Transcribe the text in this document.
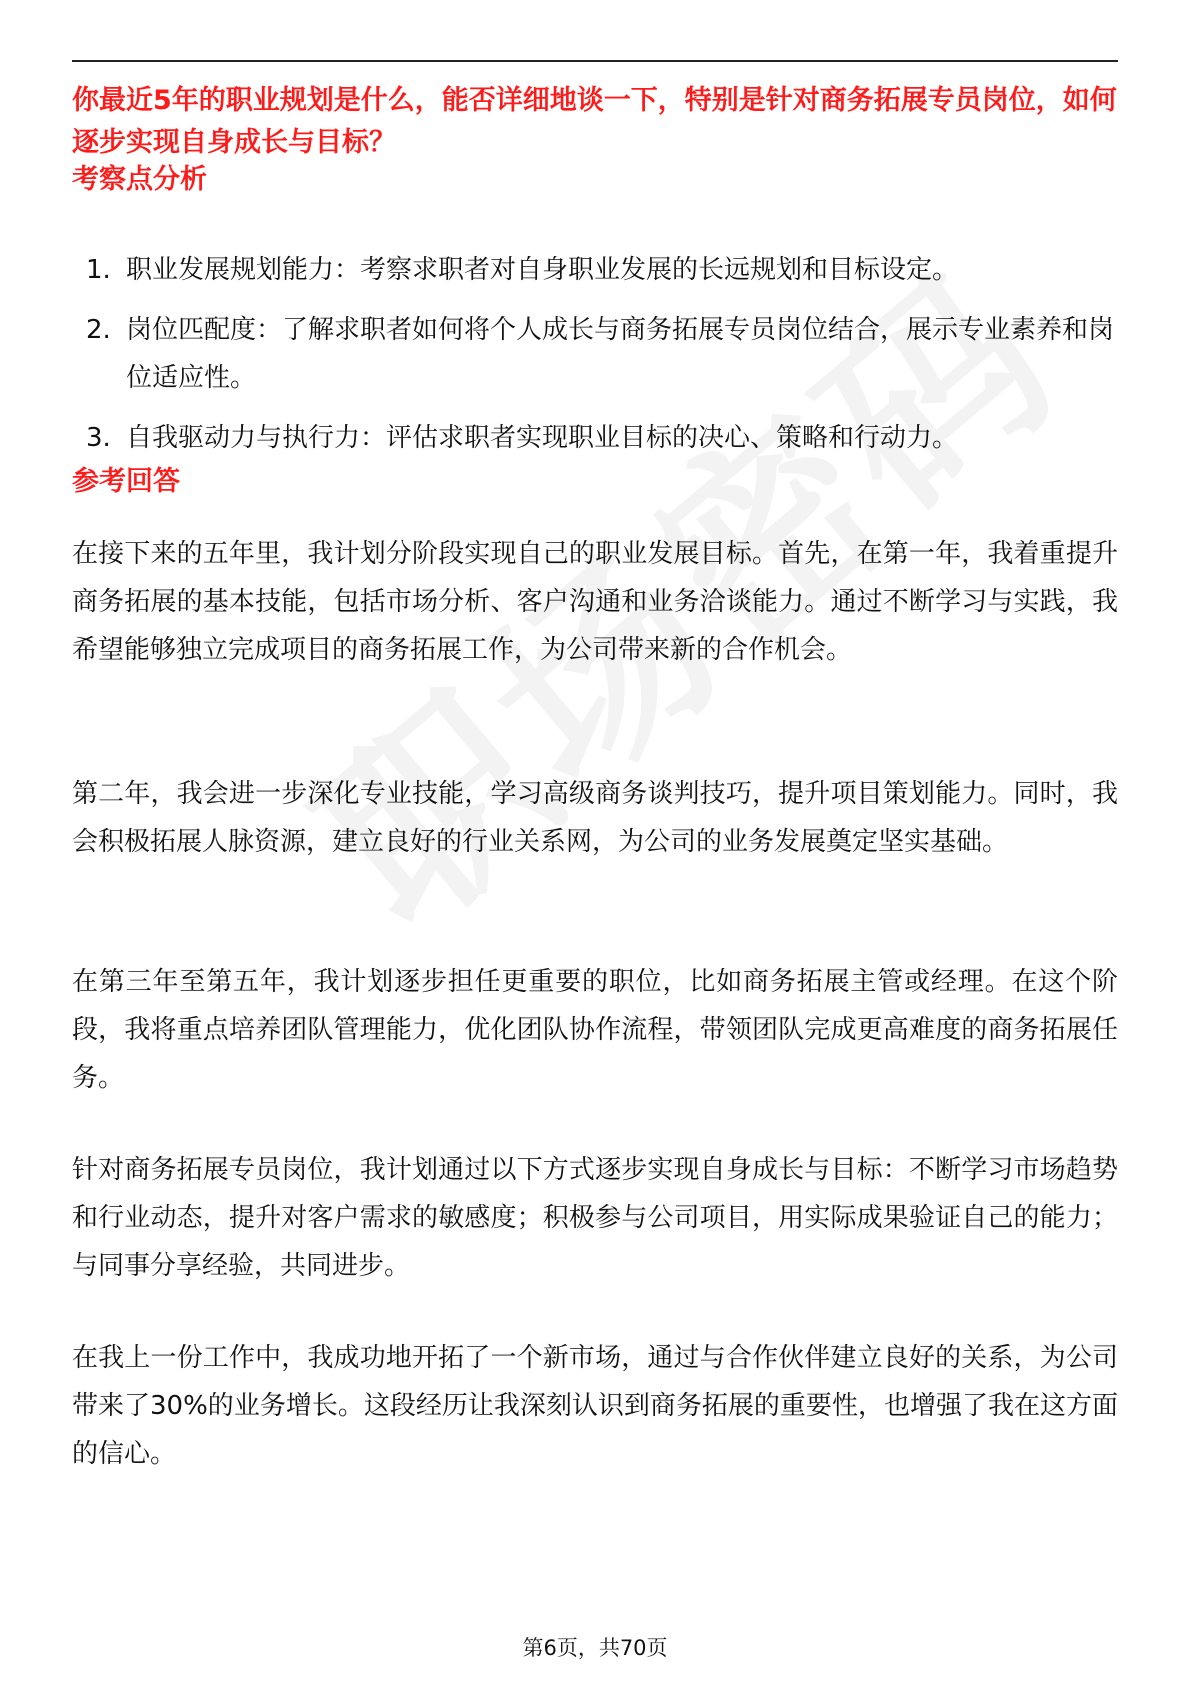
你最近5年的职业规划是什么，能否详细地谈一下，特别是针对商务拓展专员岗位，如何逐步实现自身成长与目标？

考察点分析
1. 职业发展规划能力：考察求职者对自身职业发展的长远规划和目标设定。
2. 岗位匹配度：了解求职者如何将个人成长与商务拓展专员岗位结合，展示专业素养和岗位适应性。
3. 自我驱动力与执行力：评估求职者实现职业目标的决心、策略和行动力。
参考回答

在接下来的五年里，我计划分阶段实现自己的职业发展目标。首先，在第一年，我着重提升商务拓展的基本技能，包括市场分析、客户沟通和业务洽谈能力。通过不断学习与实践，我希望能够独立完成项目的商务拓展工作，为公司带来新的合作机会。

第二年，我会进一步深化专业技能，学习高级商务谈判技巧，提升项目策划能力。同时，我会积极拓展人脉资源，建立良好的行业关系网，为公司的业务发展奠定坚实基础。

在第三年至第五年，我计划逐步担任更重要的职位，比如商务拓展主管或经理。在这个阶段，我将重点培养团队管理能力，优化团队协作流程，带领团队完成更高难度的商务拓展任务。

针对商务拓展专员岗位，我计划通过以下方式逐步实现自身成长与目标：不断学习市场趋势和行业动态，提升对客户需求的敏感度；积极参与公司项目，用实际成果验证自己的能力；与同事分享经验，共同进步。

在我上一份工作中，我成功地开拓了一个新市场，通过与合作伙伴建立良好的关系，为公司带来了30%的业务增长。这段经历让我深刻认识到商务拓展的重要性，也增强了我在这方面的信心。

第6页，共70页
